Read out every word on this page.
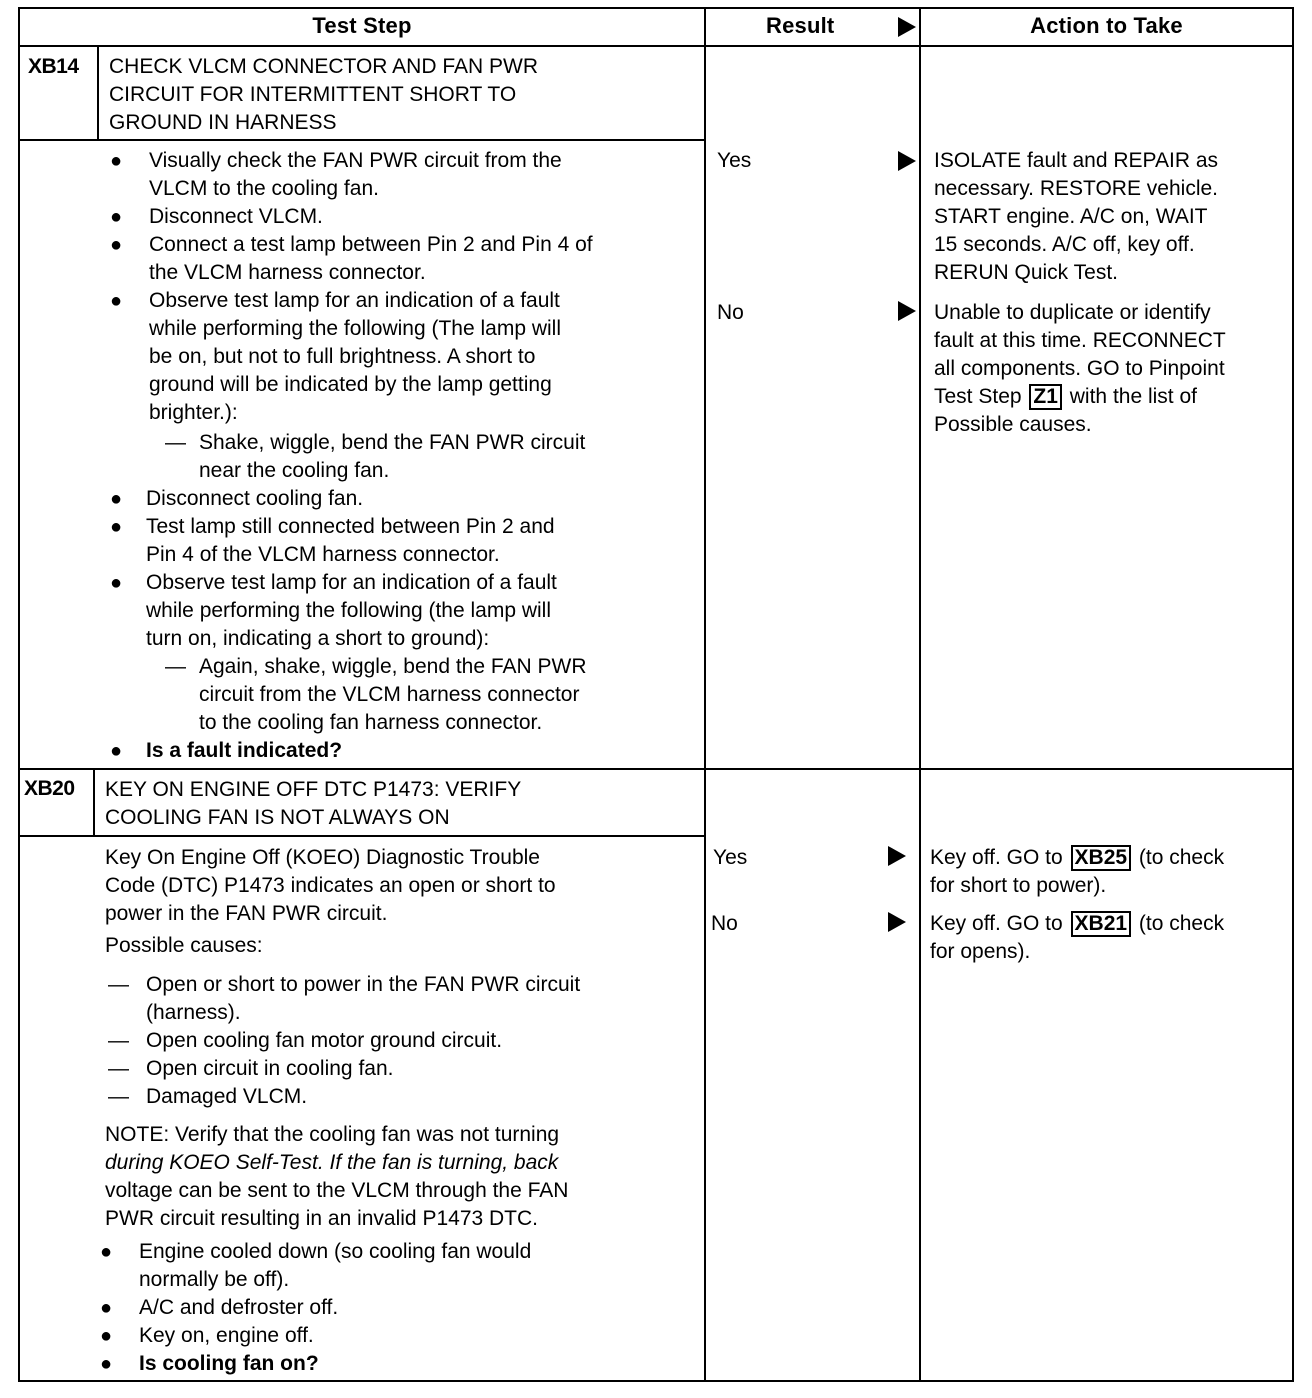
Test Step	Result	Action to Take
XB14 CHECK VLCM CONNECTOR AND FAN PWR
CIRCUIT FOR INTERMITTENT SHORT TO
GROUND IN HARNESS
● Visually check the FAN PWR circuit from the
VLCM to the cooling fan.
● Disconnect VLCM.
● Connect a test lamp between Pin 2 and Pin 4 of
the VLCM harness connector.
● Observe test lamp for an indication of a fault
while performing the following (The lamp will
be on, but not to full brightness. A short to
ground will be indicated by the lamp getting
brighter.):
— Shake, wiggle, bend the FAN PWR circuit
near the cooling fan.
● Disconnect cooling fan.
● Test lamp still connected between Pin 2 and
Pin 4 of the VLCM harness connector.
● Observe test lamp for an indication of a fault
while performing the following (the lamp will
turn on, indicating a short to ground):
— Again, shake, wiggle, bend the FAN PWR
circuit from the VLCM harness connector
to the cooling fan harness connector.
● Is a fault indicated?
Yes
No
ISOLATE fault and REPAIR as
necessary. RESTORE vehicle.
START engine. A/C on, WAIT
15 seconds. A/C off, key off.
RERUN Quick Test.
Unable to duplicate or identify
fault at this time. RECONNECT
all components. GO to Pinpoint
Test Step Z1 with the list of
Possible causes.
XB20 KEY ON ENGINE OFF DTC P1473: VERIFY
COOLING FAN IS NOT ALWAYS ON
Key On Engine Off (KOEO) Diagnostic Trouble
Code (DTC) P1473 indicates an open or short to
power in the FAN PWR circuit.
Possible causes:
— Open or short to power in the FAN PWR circuit
(harness).
— Open cooling fan motor ground circuit.
— Open circuit in cooling fan.
— Damaged VLCM.
NOTE: Verify that the cooling fan was not turning
during KOEO Self-Test. If the fan is turning, back
voltage can be sent to the VLCM through the FAN
PWR circuit resulting in an invalid P1473 DTC.
● Engine cooled down (so cooling fan would
normally be off).
● A/C and defroster off.
● Key on, engine off.
● Is cooling fan on?
Yes
No
Key off. GO to XB25 (to check
for short to power).
Key off. GO to XB21 (to check
for opens).
